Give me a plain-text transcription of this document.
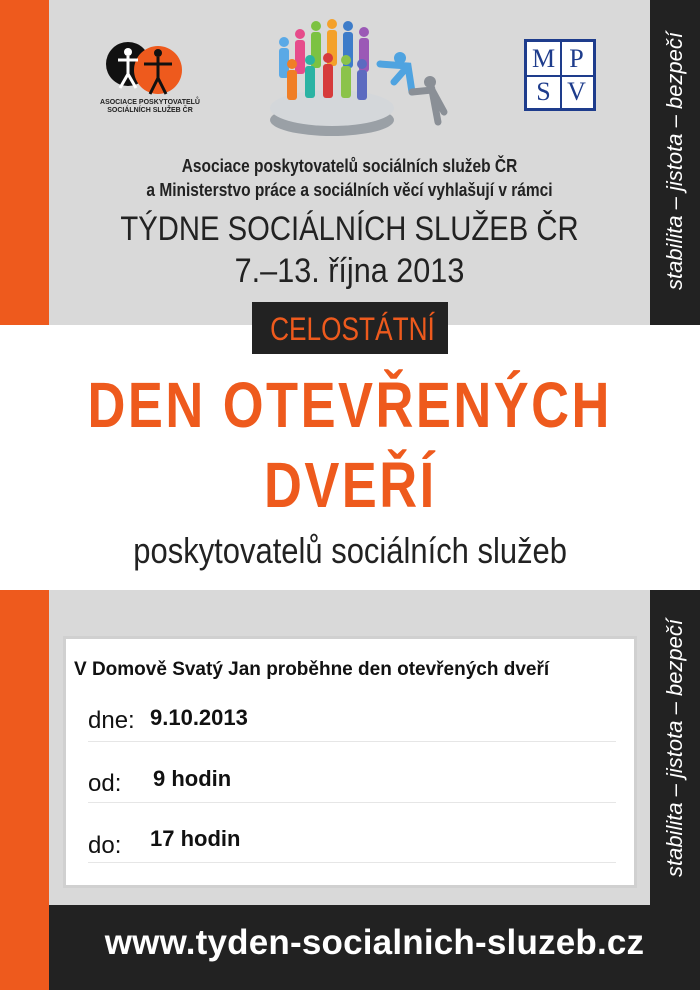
stabilita – jistota – bezpečí
stabilita – jistota – bezpečí
ASOCIACE POSKYTOVATELŮ
SOCIÁLNÍCH SLUŽEB ČR
M P
S V
Asociace poskytovatelů sociálních služeb ČR
a Ministerstvo práce a sociálních věcí vyhlašují v rámci
TÝDNE SOCIÁLNÍCH SLUŽEB ČR
7.–13. října 2013
CELOSTÁTNÍ
DEN OTEVŘENÝCH
DVEŘÍ
poskytovatelů sociálních služeb
V Domově Svatý Jan proběhne den otevřených dveří
dne: 9.10.2013
od: 9 hodin
do: 17 hodin
www.tyden-socialnich-sluzeb.cz
